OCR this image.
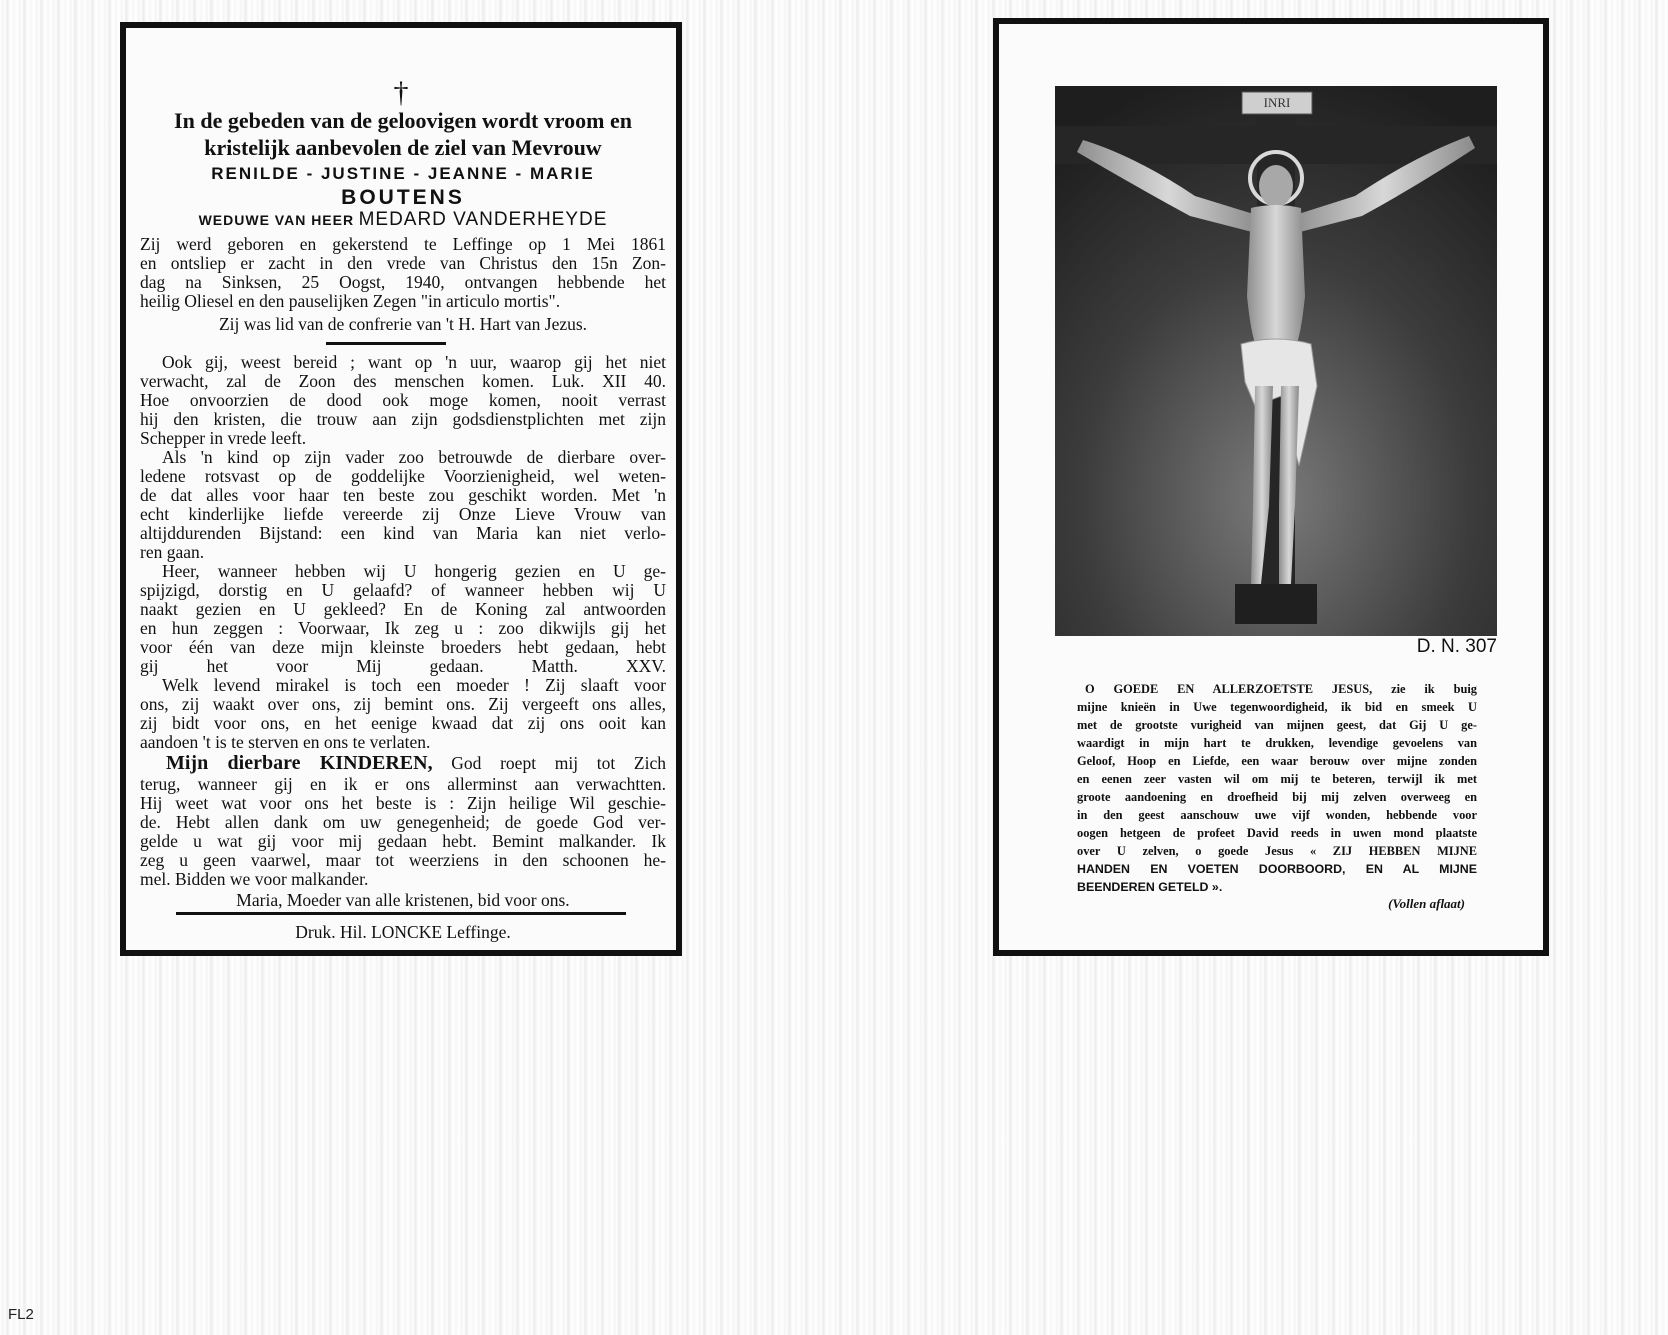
†
In de gebeden van de geloovigen wordt vroom en
kristelijk aanbevolen de ziel van Mevrouw
RENILDE - JUSTINE - JEANNE - MARIE
BOUTENS
WEDUWE VAN HEER MEDARD VANDERHEYDE
Zij werd geboren en gekerstend te Leffinge op 1 Mei 1861
en ontsliep er zacht in den vrede van Christus den 15n Zon-
dag na Sinksen, 25 Oogst, 1940, ontvangen hebbende het
heilig Oliesel en den pauselijken Zegen "in articulo mortis".
Zij was lid van de confrerie van 't H. Hart van Jezus.
Ook gij, weest bereid ; want op 'n uur, waarop gij het niet
verwacht, zal de Zoon des menschen komen. Luk. XII 40.
Hoe onvoorzien de dood ook moge komen, nooit verrast
hij den kristen, die trouw aan zijn godsdienstplichten met zijn
Schepper in vrede leeft.
Als 'n kind op zijn vader zoo betrouwde de dierbare over-
ledene rotsvast op de goddelijke Voorzienigheid, wel weten-
de dat alles voor haar ten beste zou geschikt worden. Met 'n
echt kinderlijke liefde vereerde zij Onze Lieve Vrouw van
altijddurenden Bijstand: een kind van Maria kan niet verlo-
ren gaan.
Heer, wanneer hebben wij U hongerig gezien en U ge-
spijzigd, dorstig en U gelaafd? of wanneer hebben wij U
naakt gezien en U gekleed? En de Koning zal antwoorden
en hun zeggen : Voorwaar, Ik zeg u : zoo dikwijls gij het
voor één van deze mijn kleinste broeders hebt gedaan, hebt
gij het voor Mij gedaan. Matth. XXV.
Welk levend mirakel is toch een moeder ! Zij slaaft voor
ons, zij waakt over ons, zij bemint ons. Zij vergeeft ons alles,
zij bidt voor ons, en het eenige kwaad dat zij ons ooit kan
aandoen 't is te sterven en ons te verlaten.
Mijn dierbare KINDEREN, God roept mij tot Zich
terug, wanneer gij en ik er ons allerminst aan verwachtten.
Hij weet wat voor ons het beste is : Zijn heilige Wil geschie-
de. Hebt allen dank om uw genegenheid; de goede God ver-
gelde u wat gij voor mij gedaan hebt. Bemint malkander. Ik
zeg u geen vaarwel, maar tot weerziens in den schoonen he-
mel. Bidden we voor malkander.
Maria, Moeder van alle kristenen, bid voor ons.
Druk. Hil. LONCKE Leffinge.
INRI
D. N. 307
O GOEDE EN ALLERZOETSTE JESUS, zie ik buig
mijne knieën in Uwe tegenwoordigheid, ik bid en smeek U
met de grootste vurigheid van mijnen geest, dat Gij U ge-
waardigt in mijn hart te drukken, levendige gevoelens van
Geloof, Hoop en Liefde, een waar berouw over mijne zonden
en eenen zeer vasten wil om mij te beteren, terwijl ik met
groote aandoening en droefheid bij mij zelven overweeg en
in den geest aanschouw uwe vijf wonden, hebbende voor
oogen hetgeen de profeet David reeds in uwen mond plaatste
over U zelven, o goede Jesus « ZIJ HEBBEN MIJNE
HANDEN EN VOETEN DOORBOORD, EN AL MIJNE
BEENDEREN GETELD ».
(Vollen aflaat)
FL2
